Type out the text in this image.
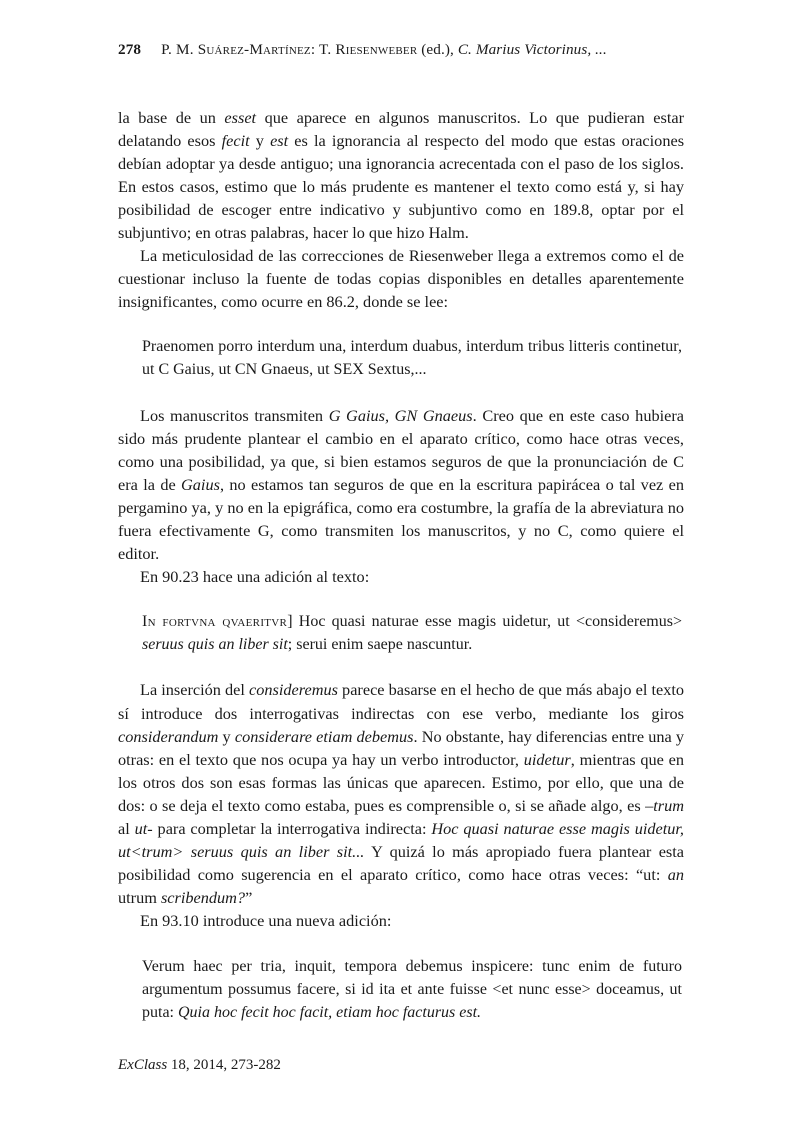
278 P. M. Suárez-Martínez: T. Riesenweber (ed.), C. Marius Victorinus, ...

la base de un esset que aparece en algunos manuscritos. Lo que pudieran estar delatando esos fecit y est es la ignorancia al respecto del modo que estas oraciones debían adoptar ya desde antiguo; una ignorancia acrecentada con el paso de los siglos. En estos casos, estimo que lo más prudente es mantener el texto como está y, si hay posibilidad de escoger entre indicativo y subjuntivo como en 189.8, optar por el subjuntivo; en otras palabras, hacer lo que hizo Halm.

La meticulosidad de las correcciones de Riesenweber llega a extremos como el de cuestionar incluso la fuente de todas copias disponibles en detalles aparentemente insignificantes, como ocurre en 86.2, donde se lee:

Praenomen porro interdum una, interdum duabus, interdum tribus litteris continetur, ut C Gaius, ut CN Gnaeus, ut SEX Sextus,...

Los manuscritos transmiten G Gaius, GN Gnaeus. Creo que en este caso hubiera sido más prudente plantear el cambio en el aparato crítico, como hace otras veces, como una posibilidad, ya que, si bien estamos seguros de que la pronunciación de C era la de Gaius, no estamos tan seguros de que en la escritura papirácea o tal vez en pergamino ya, y no en la epigráfica, como era costumbre, la grafía de la abreviatura no fuera efectivamente G, como transmiten los manuscritos, y no C, como quiere el editor.

En 90.23 hace una adición al texto:

In fortvna qvaeritvr] Hoc quasi naturae esse magis uidetur, ut <consideremus> seruus quis an liber sit; serui enim saepe nascuntur.

La inserción del consideremus parece basarse en el hecho de que más abajo el texto sí introduce dos interrogativas indirectas con ese verbo, mediante los giros considerandum y considerare etiam debemus. No obstante, hay diferencias entre una y otras: en el texto que nos ocupa ya hay un verbo introductor, uidetur, mientras que en los otros dos son esas formas las únicas que aparecen. Estimo, por ello, que una de dos: o se deja el texto como estaba, pues es comprensible o, si se añade algo, es –trum al ut- para completar la interrogativa indirecta: Hoc quasi naturae esse magis uidetur, ut<trum> seruus quis an liber sit... Y quizá lo más apropiado fuera plantear esta posibilidad como sugerencia en el aparato crítico, como hace otras veces: “ut: an utrum scribendum?”

En 93.10 introduce una nueva adición:

Verum haec per tria, inquit, tempora debemus inspicere: tunc enim de futuro argumentum possumus facere, si id ita et ante fuisse <et nunc esse> doceamus, ut puta: Quia hoc fecit hoc facit, etiam hoc facturus est.

ExClass 18, 2014, 273-282
